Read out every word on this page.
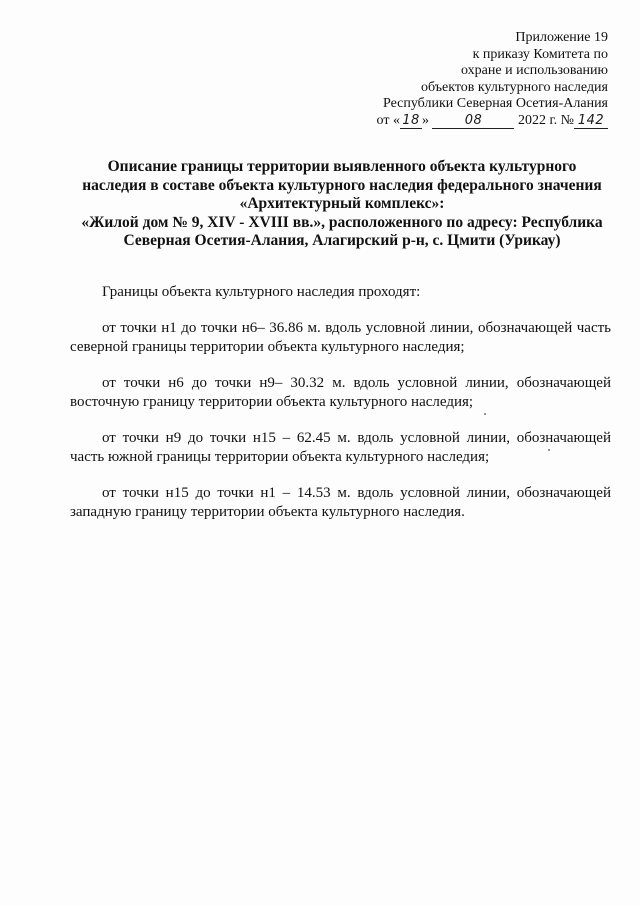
Приложение 19
к приказу Комитета по
охране и использованию
объектов культурного наследия
Республики Северная Осетия-Алания
от « 18 »	08	2022 г. № 142
Описание границы территории выявленного объекта культурного
наследия в составе объекта культурного наследия федерального значения
«Архитектурный комплекс»:
«Жилой дом № 9, XIV - XVIII вв.», расположенного по адресу: Республика
Северная Осетия-Алания, Алагирский р-н, с. Цмити (Урикау)

Границы объекта культурного наследия проходят:

от точки н1 до точки н6– 36.86 м. вдоль условной линии, обозначающей часть северной границы территории объекта культурного наследия;

от точки н6 до точки н9– 30.32 м. вдоль условной линии, обозначающей восточную границу территории объекта культурного наследия;

от точки н9 до точки н15 – 62.45 м. вдоль условной линии, обозначающей часть южной границы территории объекта культурного наследия;

от точки н15 до точки н1 – 14.53 м. вдоль условной линии, обозначающей западную границу территории объекта культурного наследия.
